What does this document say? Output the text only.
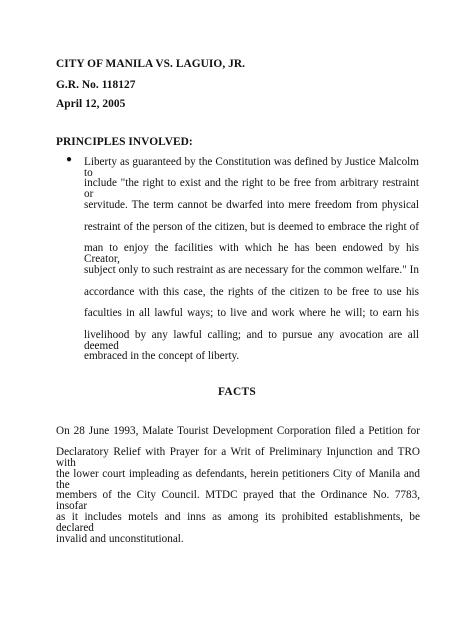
CITY OF MANILA VS. LAGUIO, JR.
G.R. No. 118127
April 12, 2005
PRINCIPLES INVOLVED:
● Liberty as guaranteed by the Constitution was defined by Justice Malcolm to
include "the right to exist and the right to be free from arbitrary restraint or
servitude. The term cannot be dwarfed into mere freedom from physical
restraint of the person of the citizen, but is deemed to embrace the right of
man to enjoy the facilities with which he has been endowed by his Creator,
subject only to such restraint as are necessary for the common welfare." In
accordance with this case, the rights of the citizen to be free to use his
faculties in all lawful ways; to live and work where he will; to earn his
livelihood by any lawful calling; and to pursue any avocation are all deemed
embraced in the concept of liberty.
FACTS
On 28 June 1993, Malate Tourist Development Corporation filed a Petition for
Declaratory Relief with Prayer for a Writ of Preliminary Injunction and TRO with
the lower court impleading as defendants, herein petitioners City of Manila and the
members of the City Council. MTDC prayed that the Ordinance No. 7783, insofar
as it includes motels and inns as among its prohibited establishments, be declared
invalid and unconstitutional.
